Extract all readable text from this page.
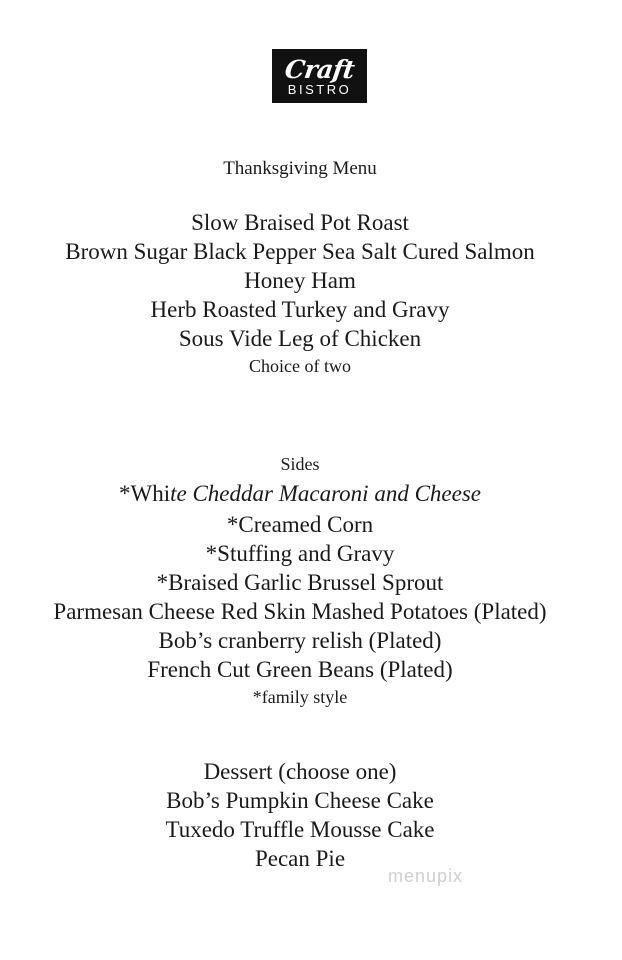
Craft
BISTRO
Thanksgiving Menu
Slow Braised Pot Roast
Brown Sugar Black Pepper Sea Salt Cured Salmon
Honey Ham
Herb Roasted Turkey and Gravy
Sous Vide Leg of Chicken
Choice of two
Sides
*White Cheddar Macaroni and Cheese
*Creamed Corn
*Stuffing and Gravy
*Braised Garlic Brussel Sprout
Parmesan Cheese Red Skin Mashed Potatoes (Plated)
Bob’s cranberry relish (Plated)
French Cut Green Beans (Plated)
*family style
Dessert (choose one)
Bob’s Pumpkin Cheese Cake
Tuxedo Truffle Mousse Cake
Pecan Pie
menupix
